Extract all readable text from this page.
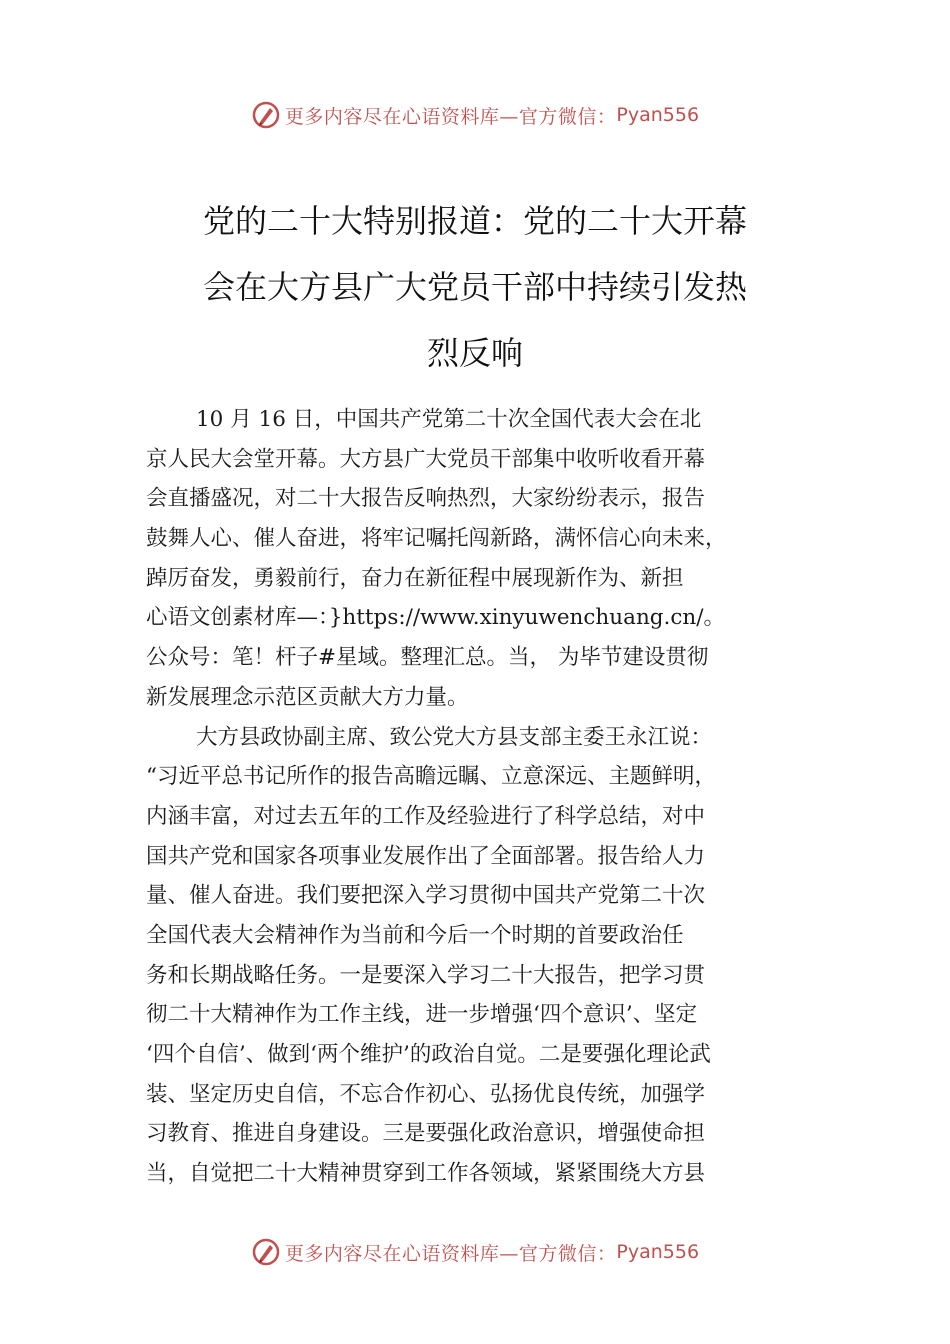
更多内容尽在心语资料库—官方微信： Pyan556
党的二十大特别报道：党的二十大开幕
会在大方县广大党员干部中持续引发热
烈反响
10 月 16 日，中国共产党第二十次全国代表大会在北
京人民大会堂开幕。大方县广大党员干部集中收听收看开幕
会直播盛况，对二十大报告反响热烈，大家纷纷表示，报告
鼓舞人心、催人奋进，将牢记嘱托闯新路，满怀信心向未来，
踔厉奋发，勇毅前行，奋力在新征程中展现新作为、新担
心语文创素材库—：}https://www.xinyuwenchuang.cn/。
公众号：笔！杆子#星域。整理汇总。当， 为毕节建设贯彻
新发展理念示范区贡献大方力量。
大方县政协副主席、致公党大方县支部主委王永江说：
“习近平总书记所作的报告高瞻远瞩、立意深远、主题鲜明，
内涵丰富，对过去五年的工作及经验进行了科学总结，对中
国共产党和国家各项事业发展作出了全面部署。报告给人力
量、催人奋进。我们要把深入学习贯彻中国共产党第二十次
全国代表大会精神作为当前和今后一个时期的首要政治任
务和长期战略任务。一是要深入学习二十大报告，把学习贯
彻二十大精神作为工作主线，进一步增强‘四个意识’、坚定
‘四个自信’、做到‘两个维护’的政治自觉。二是要强化理论武
装、坚定历史自信，不忘合作初心、弘扬优良传统，加强学
习教育、推进自身建设。三是要强化政治意识，增强使命担
当，自觉把二十大精神贯穿到工作各领域，紧紧围绕大方县
更多内容尽在心语资料库—官方微信： Pyan556
